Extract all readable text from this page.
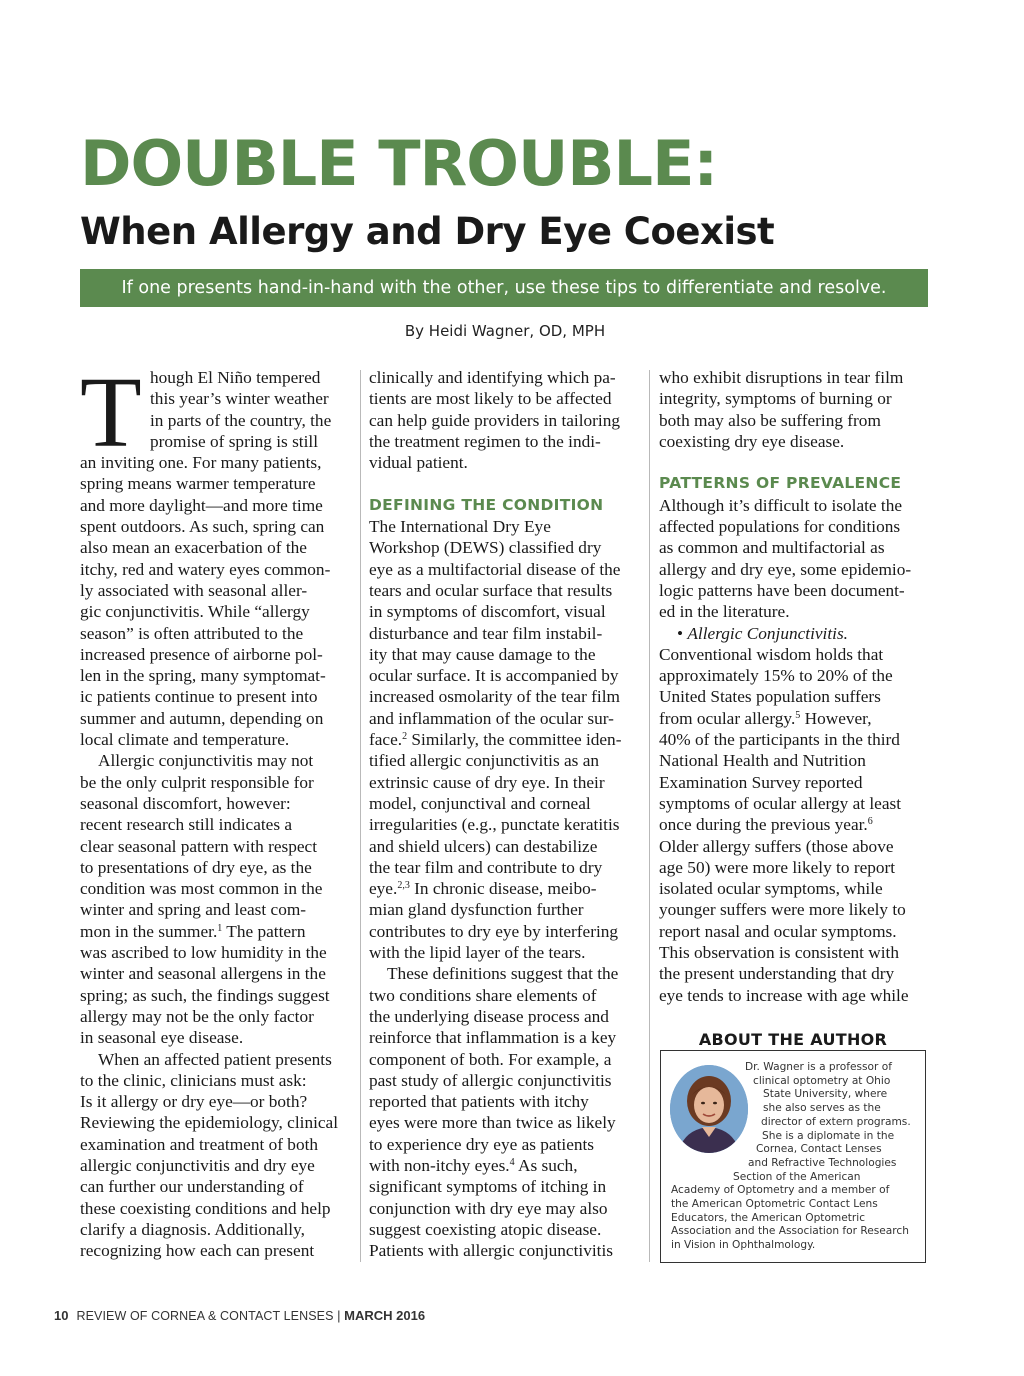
DOUBLE TROUBLE:
When Allergy and Dry Eye Coexist
If one presents hand-in-hand with the other, use these tips to differentiate and resolve.
By Heidi Wagner, OD, MPH
T hough El Niño tempered
this year’s winter weather
in parts of the country, the
promise of spring is still
an inviting one. For many patients,
spring means warmer temperature
and more daylight—and more time
spent outdoors. As such, spring can
also mean an exacerbation of the
itchy, red and watery eyes common-
ly associated with seasonal aller-
gic conjunctivitis. While “allergy
season” is often attributed to the
increased presence of airborne pol-
len in the spring, many symptomat-
ic patients continue to present into
summer and autumn, depending on
local climate and temperature.
Allergic conjunctivitis may not
be the only culprit responsible for
seasonal discomfort, however:
recent research still indicates a
clear seasonal pattern with respect
to presentations of dry eye, as the
condition was most common in the
winter and spring and least com-
mon in the summer.$^1$ The pattern
was ascribed to low humidity in the
winter and seasonal allergens in the
spring; as such, the findings suggest
allergy may not be the only factor
in seasonal eye disease.
When an affected patient presents
to the clinic, clinicians must ask:
Is it allergy or dry eye—or both?
Reviewing the epidemiology, clinical
examination and treatment of both
allergic conjunctivitis and dry eye
can further our understanding of
these coexisting conditions and help
clarify a diagnosis. Additionally,
recognizing how each can present
clinically and identifying which pa-
tients are most likely to be affected
can help guide providers in tailoring
the treatment regimen to the indi-
vidual patient.
DEFINING THE CONDITION
The International Dry Eye
Workshop (DEWS) classified dry
eye as a multifactorial disease of the
tears and ocular surface that results
in symptoms of discomfort, visual
disturbance and tear film instabil-
ity that may cause damage to the
ocular surface. It is accompanied by
increased osmolarity of the tear film
and inflammation of the ocular sur-
face.$^2$ Similarly, the committee iden-
tified allergic conjunctivitis as an
extrinsic cause of dry eye. In their
model, conjunctival and corneal
irregularities (e.g., punctate keratitis
and shield ulcers) can destabilize
the tear film and contribute to dry
eye.$^{2,3}$ In chronic disease, meibo-
mian gland dysfunction further
contributes to dry eye by interfering
with the lipid layer of the tears.
These definitions suggest that the
two conditions share elements of
the underlying disease process and
reinforce that inflammation is a key
component of both. For example, a
past study of allergic conjunctivitis
reported that patients with itchy
eyes were more than twice as likely
to experience dry eye as patients
with non-itchy eyes.$^4$ As such,
significant symptoms of itching in
conjunction with dry eye may also
suggest coexisting atopic disease.
Patients with allergic conjunctivitis
who exhibit disruptions in tear film
integrity, symptoms of burning or
both may also be suffering from
coexisting dry eye disease.
PATTERNS OF PREVALENCE
Although it’s difficult to isolate the
affected populations for conditions
as common and multifactorial as
allergy and dry eye, some epidemio-
logic patterns have been document-
ed in the literature.
• Allergic Conjunctivitis.
Conventional wisdom holds that
approximately 15% to 20% of the
United States population suffers
from ocular allergy.$^5$ However,
40% of the participants in the third
National Health and Nutrition
Examination Survey reported
symptoms of ocular allergy at least
once during the previous year.$^6$
Older allergy suffers (those above
age 50) were more likely to report
isolated ocular symptoms, while
younger suffers were more likely to
report nasal and ocular symptoms.
This observation is consistent with
the present understanding that dry
eye tends to increase with age while
ABOUT THE AUTHOR
Dr. Wagner is a professor of
clinical optometry at Ohio
State University, where
she also serves as the
director of extern programs.
She is a diplomate in the
Cornea, Contact Lenses
and Refractive Technologies
Section of the American
Academy of Optometry and a member of
the American Optometric Contact Lens
Educators, the American Optometric
Association and the Association for Research
in Vision in Ophthalmology.
10 REVIEW OF CORNEA & CONTACT LENSES | MARCH 2016
